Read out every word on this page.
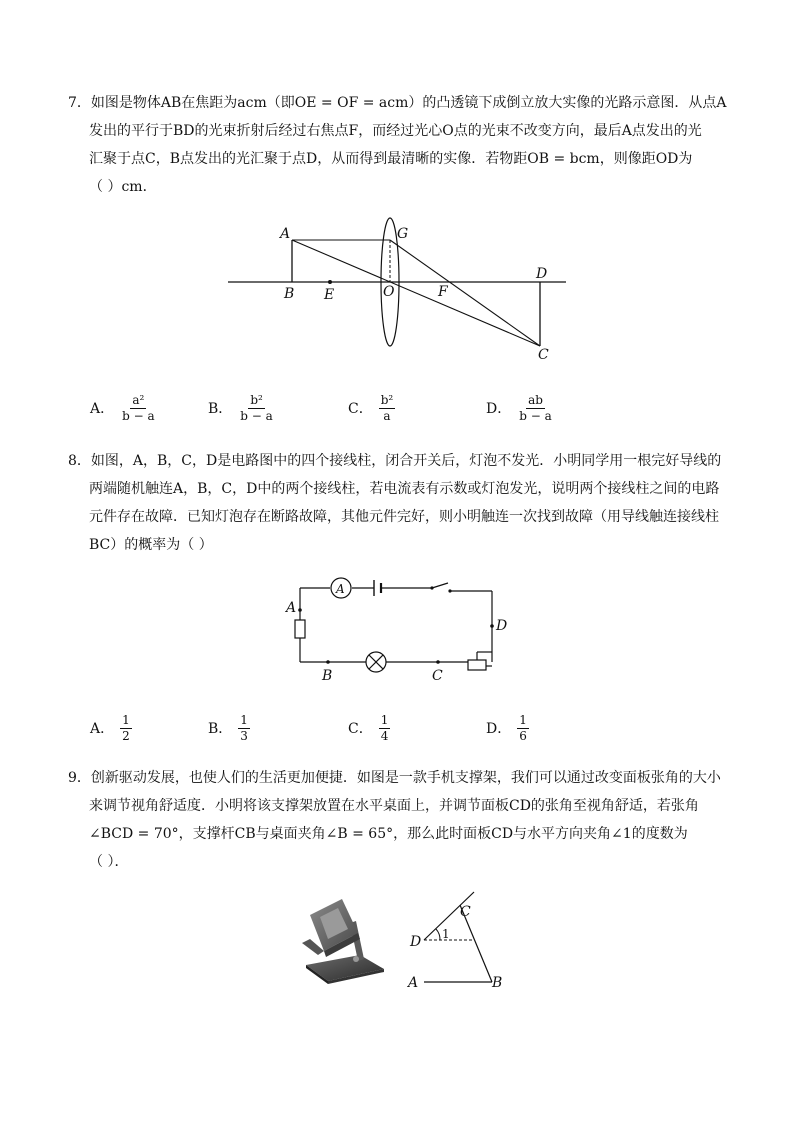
7．如图是物体AB在焦距为acm（即OE = OF = acm）的凸透镜下成倒立放大实像的光路示意图．从点A
发出的平行于BD的光束折射后经过右焦点F，而经过光心O点的光束不改变方向，最后A点发出的光
汇聚于点C，B点发出的光汇聚于点D，从而得到最清晰的实像．若物距OB = bcm，则像距OD为
（ ）cm．
A
B E	O	F
G
D
C
A． $\frac{\text{a²}}{b - a}$	B． $\frac{\text{b²}}{b - a}$	C． $\frac{\text{b²}}{a}$	D． $\frac{ab}{b - a}$
8．如图，A，B，C，D是电路图中的四个接线柱，闭合开关后，灯泡不发光．小明同学用一根完好导线的
两端随机触连A，B，C，D中的两个接线柱，若电流表有示数或灯泡发光，说明两个接线柱之间的电路
元件存在故障．已知灯泡存在断路故障，其他元件完好，则小明触连一次找到故障（用导线触连接线柱
BC）的概率为（ ）
A
A
B	C
D
A． $\frac{1}{2}$	B． $\frac{1}{3}$	C． $\frac{1}{4}$	D． $\frac{1}{6}$
9．创新驱动发展，也使人们的生活更加便捷．如图是一款手机支撑架，我们可以通过改变面板张角的大小
来调节视角舒适度．小明将该支撑架放置在水平桌面上，并调节面板CD的张角至视角舒适，若张角
∠BCD = 70°，支撑杆CB与桌面夹角∠B = 65°，那么此时面板CD与水平方向夹角∠1的度数为
（ ）．
C
D 1
A	B
